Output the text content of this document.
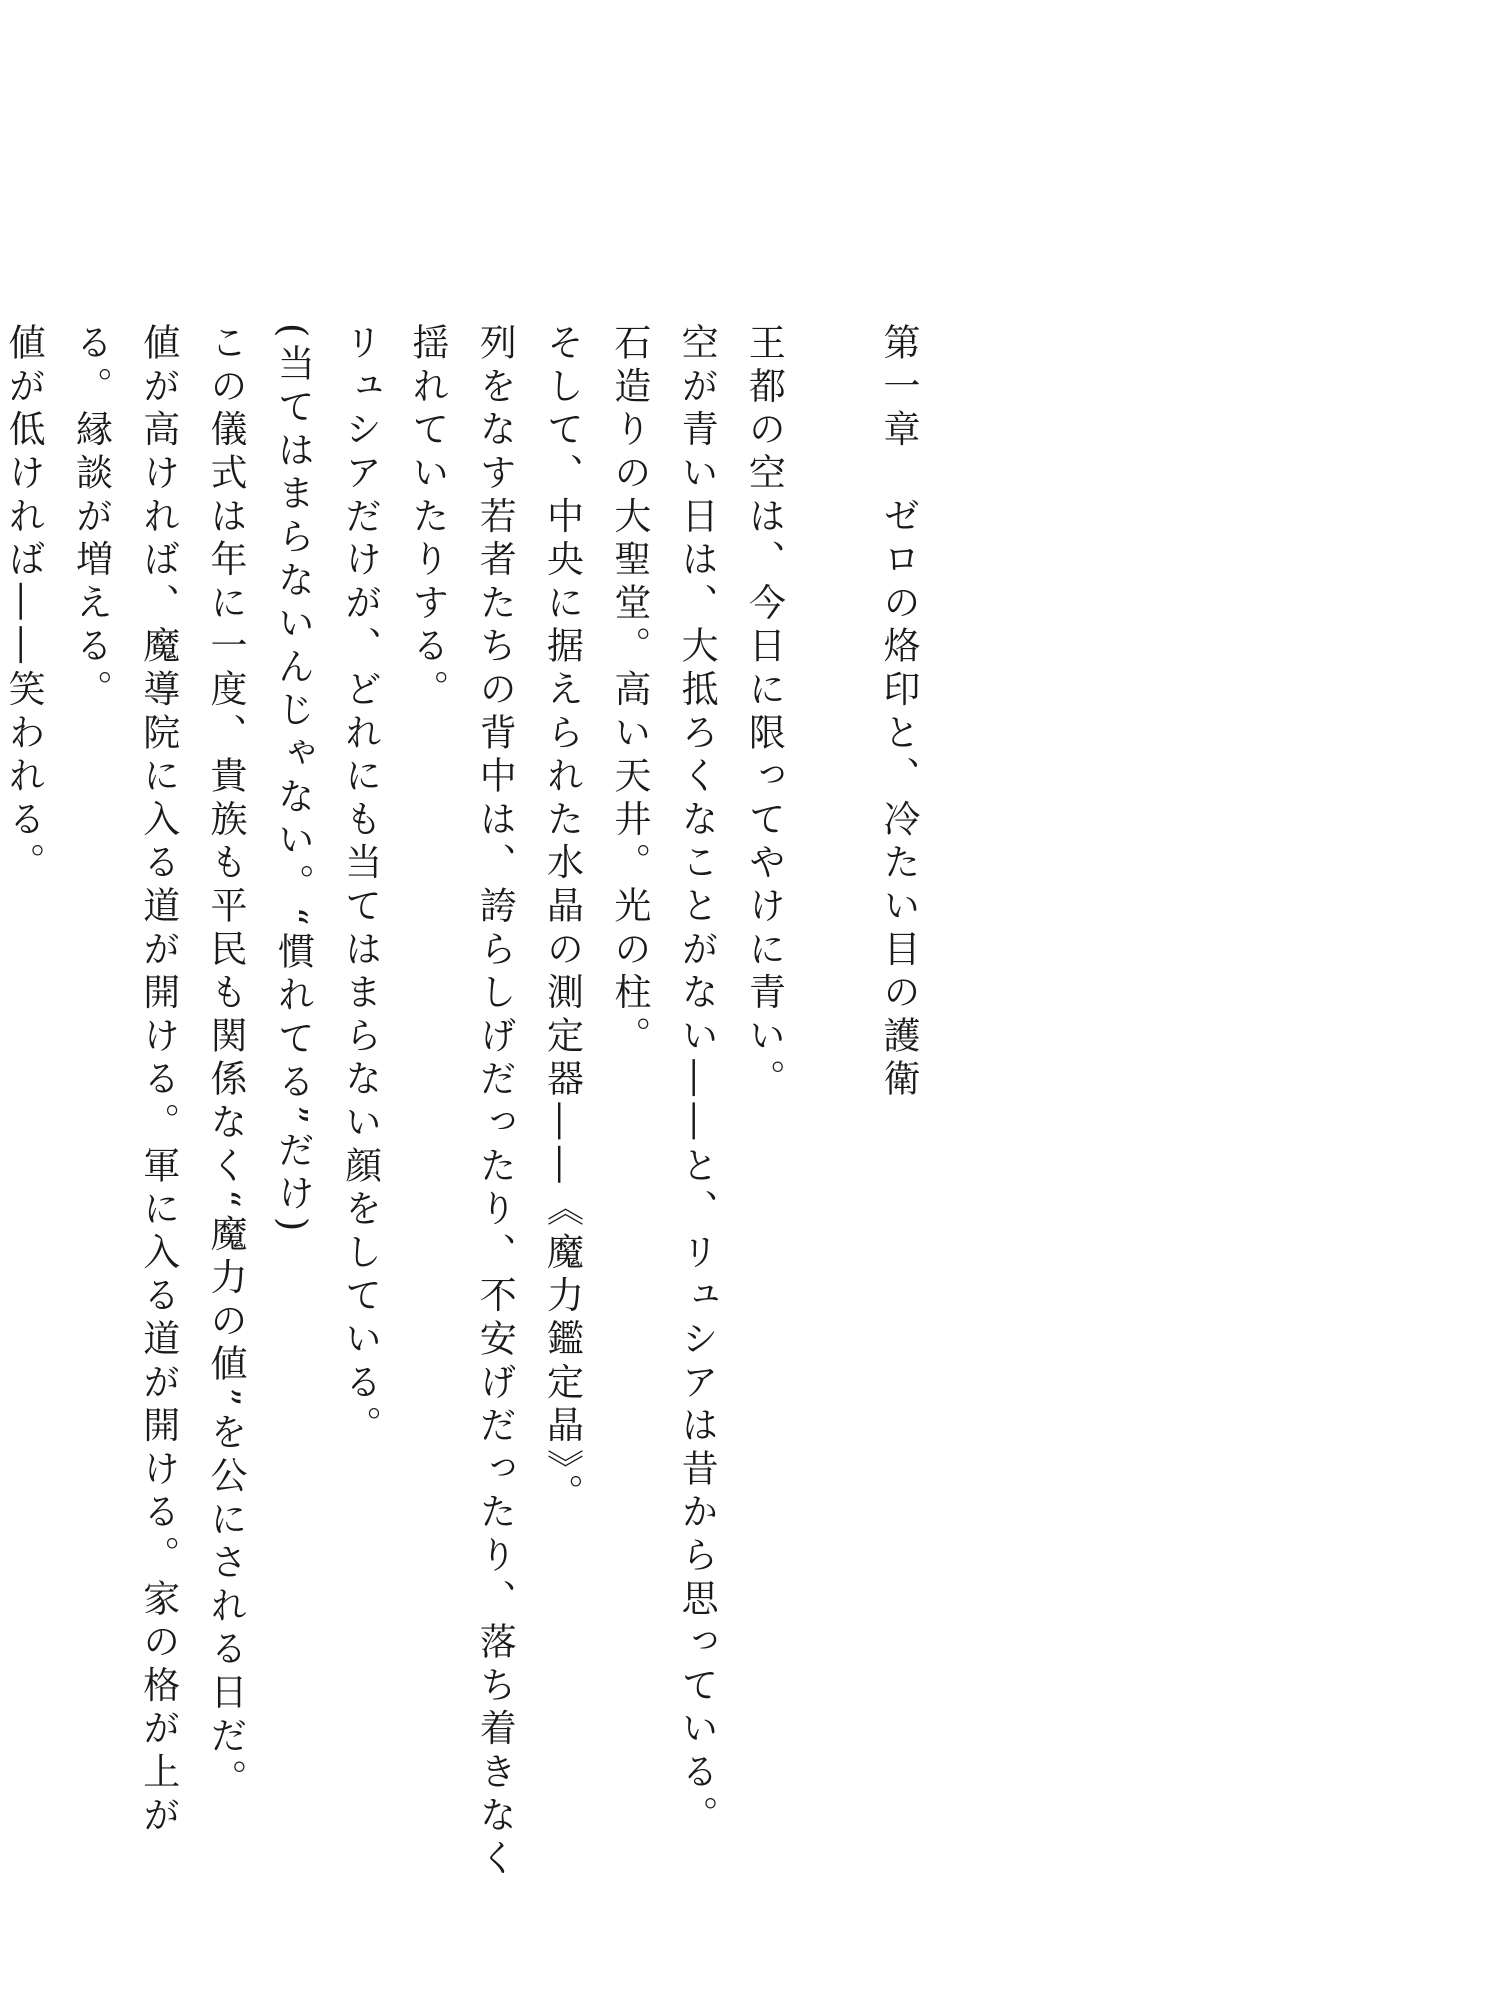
第一章　ゼロの烙印と、冷たい目の護衛
王都の空は、今日に限ってやけに青い。
空が青い日は、大抵ろくなことがない――と、リュシアは昔から思っている。
石造りの大聖堂。高い天井。光の柱。
そして、中央に据えられた水晶の測定器――《魔力鑑定晶》。
列をなす若者たちの背中は、誇らしげだったり、不安げだったり、落ち着きなく揺れていたりする。
リュシアだけが、どれにも当てはまらない顔をしている。
(当てはまらないんじゃない。“慣れてる”だけ)
この儀式は年に一度、貴族も平民も関係なく“魔力の値”を公にされる日だ。
値が高ければ、魔導院に入る道が開ける。軍に入る道が開ける。家の格が上がる。縁談が増える。
値が低ければ――笑われる。
